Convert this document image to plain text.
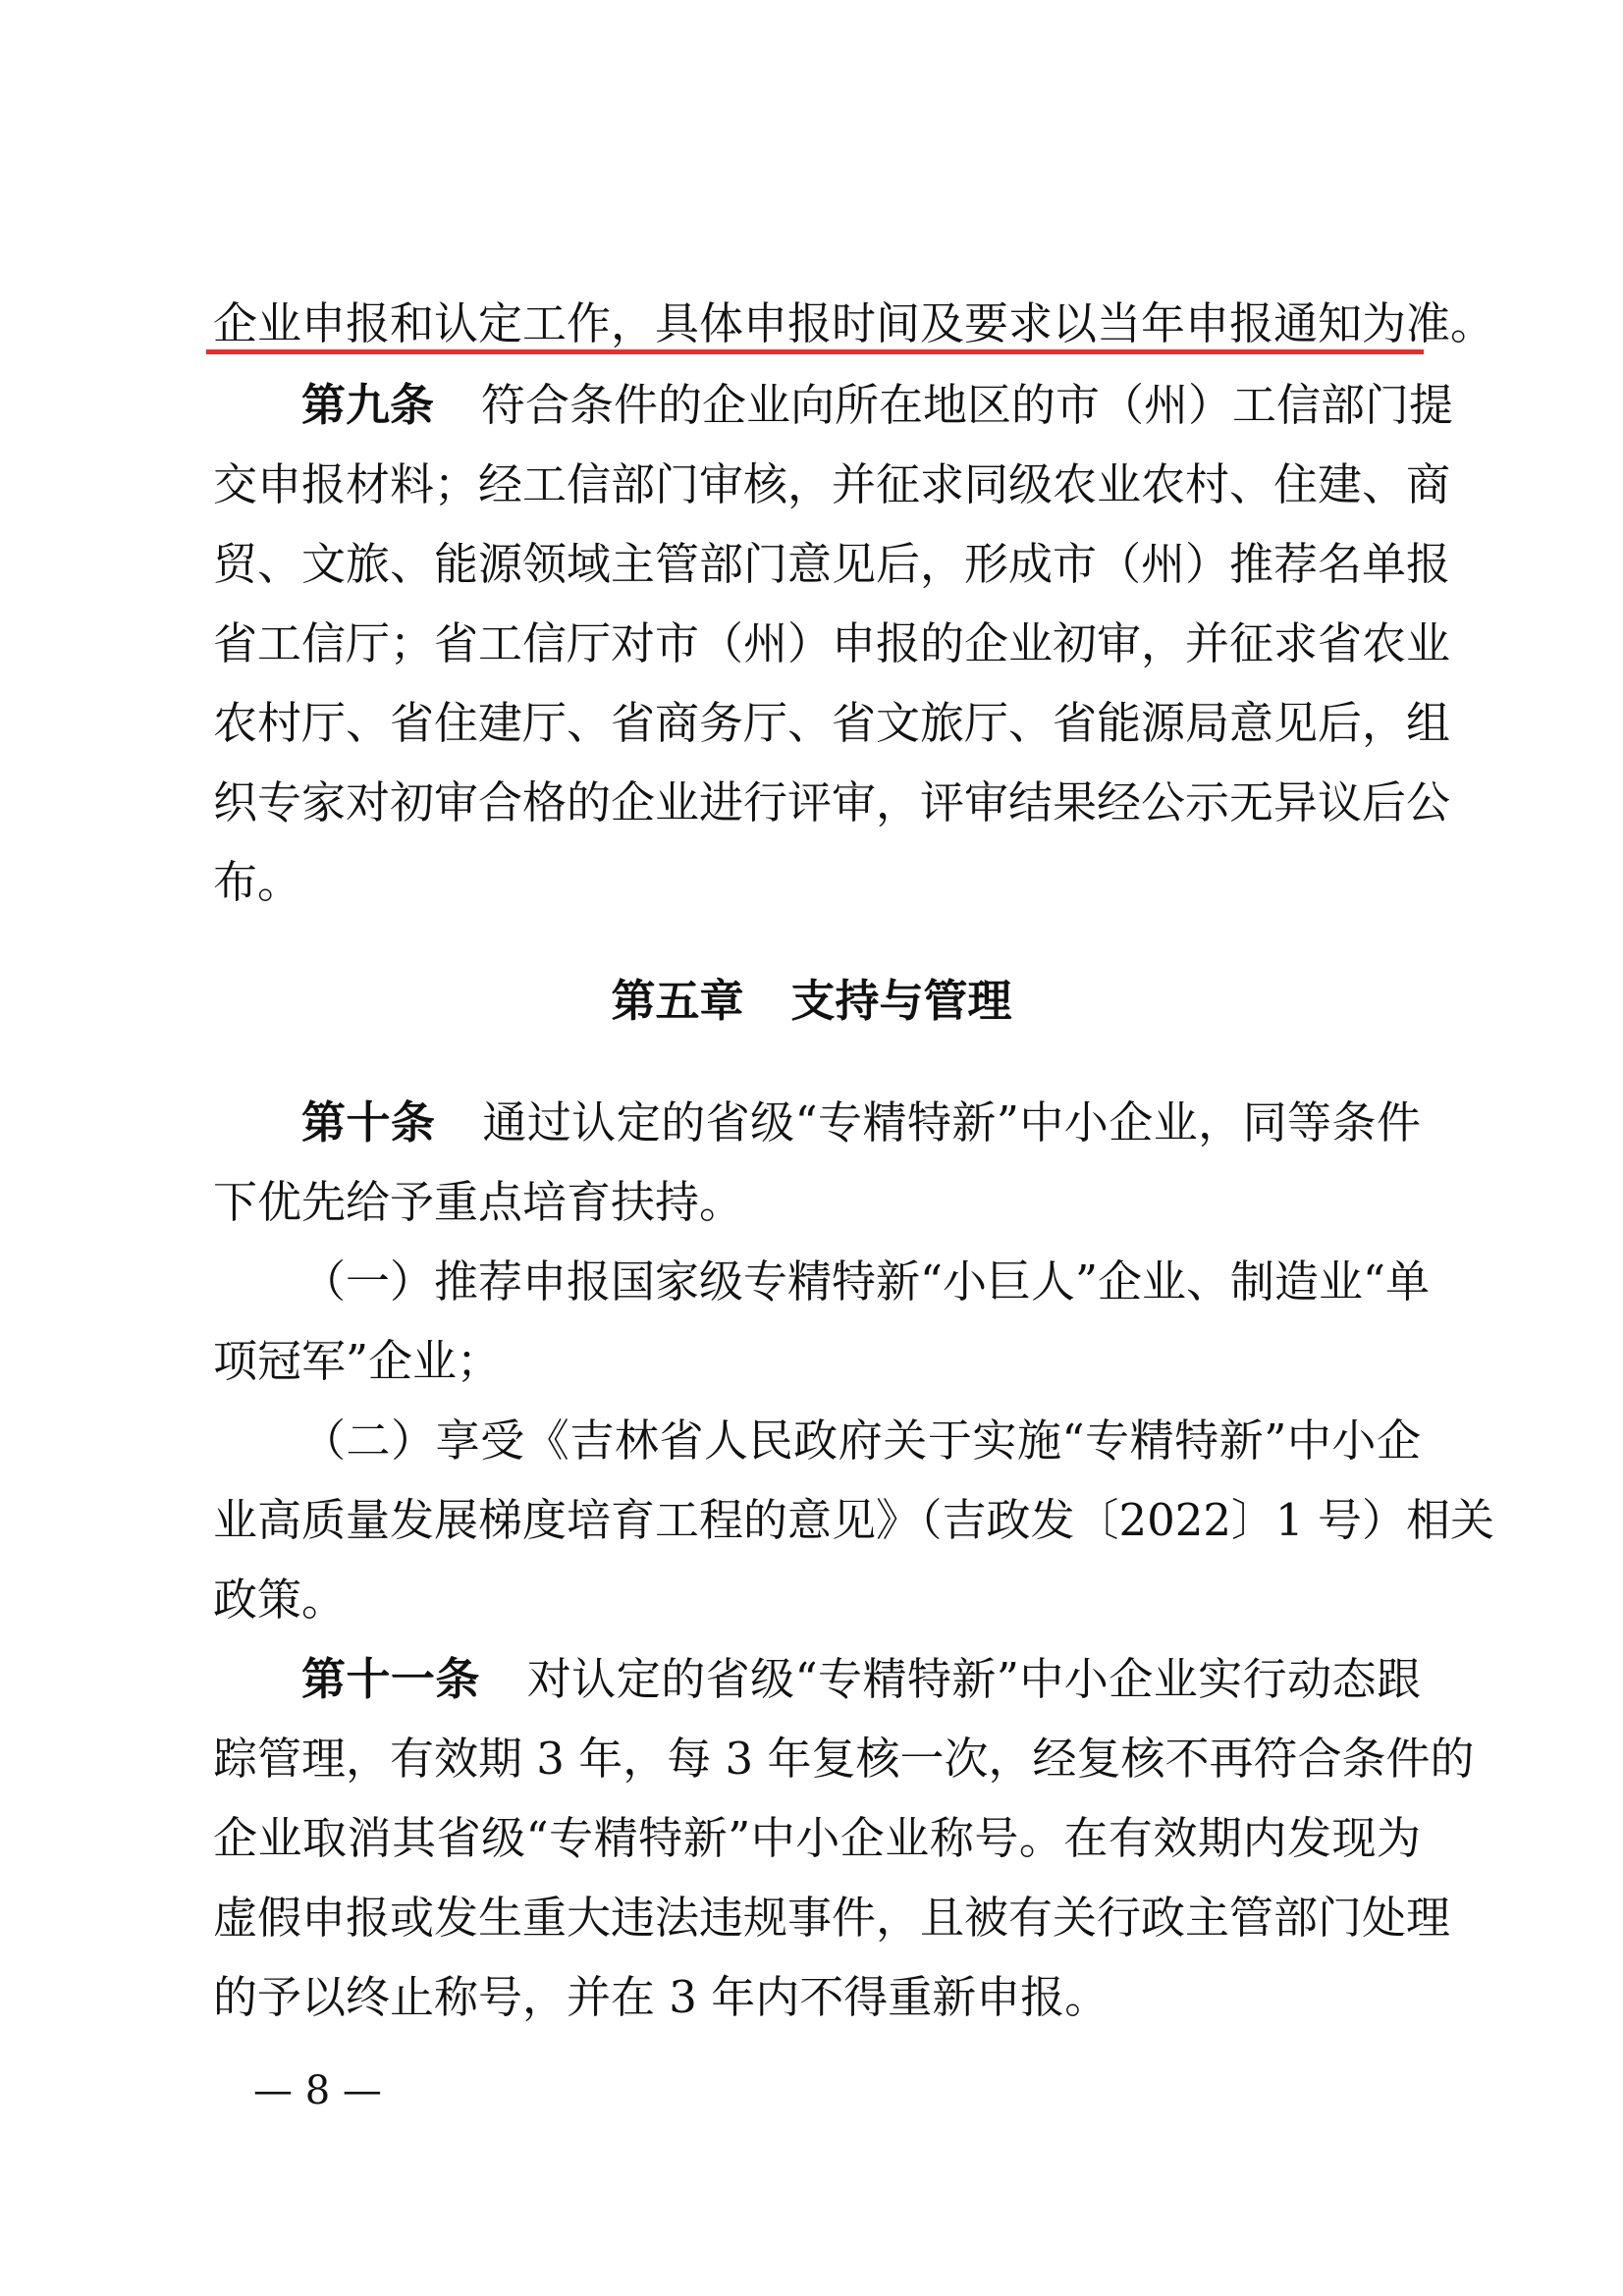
企业申报和认定工作，具体申报时间及要求以当年申报通知为准。
第九条 符合条件的企业向所在地区的市（州）工信部门提
交申报材料；经工信部门审核，并征求同级农业农村、住建、商
贸、文旅、能源领域主管部门意见后，形成市（州）推荐名单报
省工信厅；省工信厅对市（州）申报的企业初审，并征求省农业
农村厅、省住建厅、省商务厅、省文旅厅、省能源局意见后，组
织专家对初审合格的企业进行评审，评审结果经公示无异议后公
布。
第五章 支持与管理
第十条 通过认定的省级“专精特新”中小企业，同等条件
下优先给予重点培育扶持。
（一）推荐申报国家级专精特新“小巨人”企业、制造业“单
项冠军”企业；
（二）享受《吉林省人民政府关于实施“专精特新”中小企
业高质量发展梯度培育工程的意见》（吉政发〔2022〕1 号）相关
政策。
第十一条 对认定的省级“专精特新”中小企业实行动态跟
踪管理，有效期 3 年，每 3 年复核一次，经复核不再符合条件的
企业取消其省级“专精特新”中小企业称号。在有效期内发现为
虚假申报或发生重大违法违规事件，且被有关行政主管部门处理
的予以终止称号，并在 3 年内不得重新申报。
— 8 —
